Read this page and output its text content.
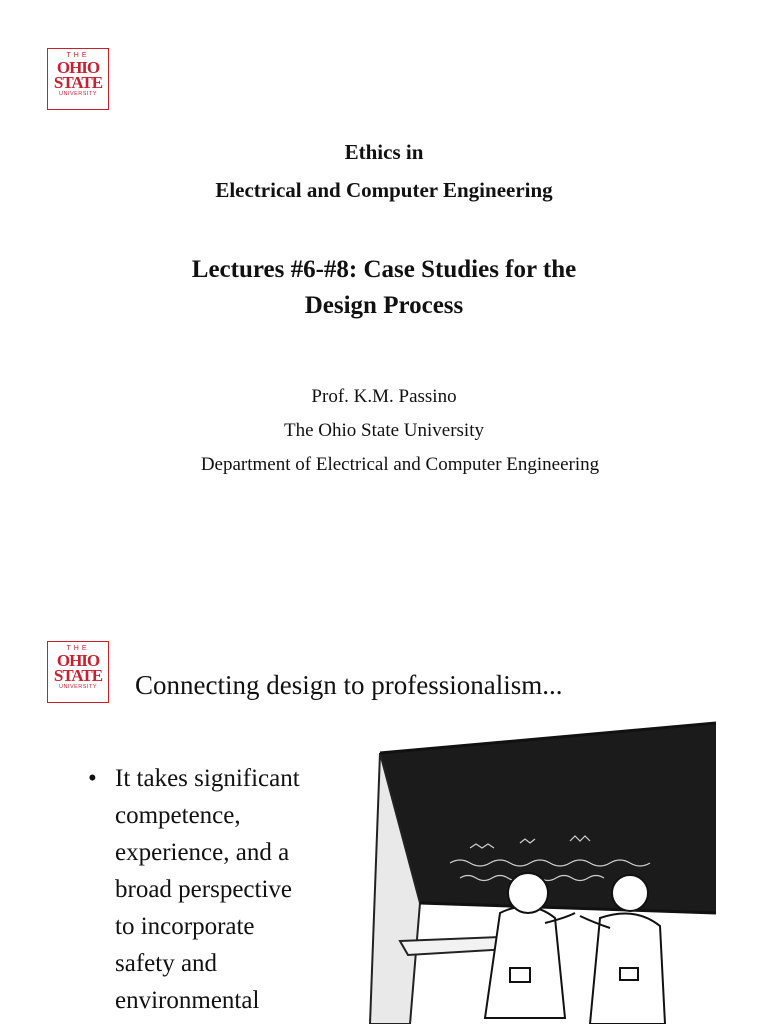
THE
OHIO
STATE
UNIVERSITY
Ethics in
Electrical and Computer Engineering
Lectures #6-#8: Case Studies for the
Design Process
Prof. K.M. Passino
The Ohio State University
Department of Electrical and Computer Engineering
THE
OHIO
STATE
UNIVERSITY	Connecting design to professionalism...
• It takes significant
competence,
experience, and a
broad perspective
to incorporate
safety and
environmental
